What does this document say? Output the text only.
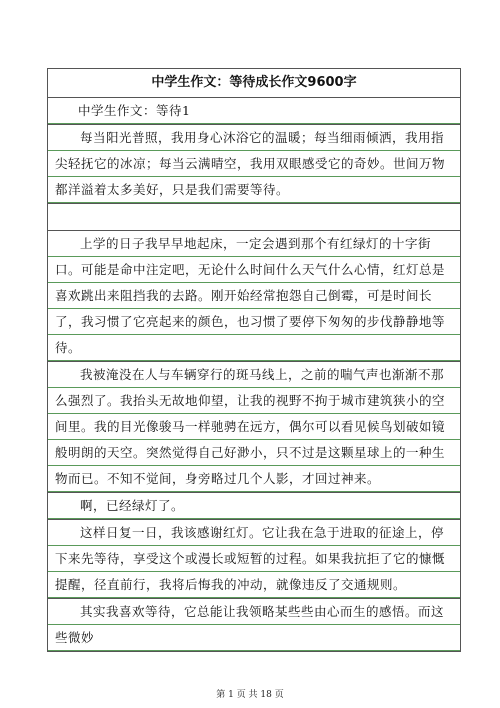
中学生作文：等待成长作文9600字
中学生作文：等待1
每当阳光普照，我用身心沐浴它的温暖；每当细雨倾洒，我用指尖轻抚它的冰凉；每当云满晴空，我用双眼感受它的奇妙。世间万物都洋溢着太多美好，只是我们需要等待。
上学的日子我早早地起床，一定会遇到那个有红绿灯的十字街口。可能是命中注定吧，无论什么时间什么天气什么心情，红灯总是喜欢跳出来阻挡我的去路。刚开始经常抱怨自己倒霉，可是时间长了，我习惯了它亮起来的颜色，也习惯了要停下匆匆的步伐静静地等待。
我被淹没在人与车辆穿行的斑马线上，之前的喘气声也渐渐不那么强烈了。我抬头无故地仰望，让我的视野不拘于城市建筑狭小的空间里。我的目光像骏马一样驰骋在远方，偶尔可以看见候鸟划破如镜般明朗的天空。突然觉得自己好渺小，只不过是这颗星球上的一种生物而已。不知不觉间，身旁略过几个人影，才回过神来。
啊，已经绿灯了。
这样日复一日，我该感谢红灯。它让我在急于进取的征途上，停下来先等待，享受这个或漫长或短暂的过程。如果我抗拒了它的慷慨提醒，径直前行，我将后悔我的冲动，就像违反了交通规则。
其实我喜欢等待，它总能让我领略某些些由心而生的感悟。而这些微妙
第 1 页 共 18 页
